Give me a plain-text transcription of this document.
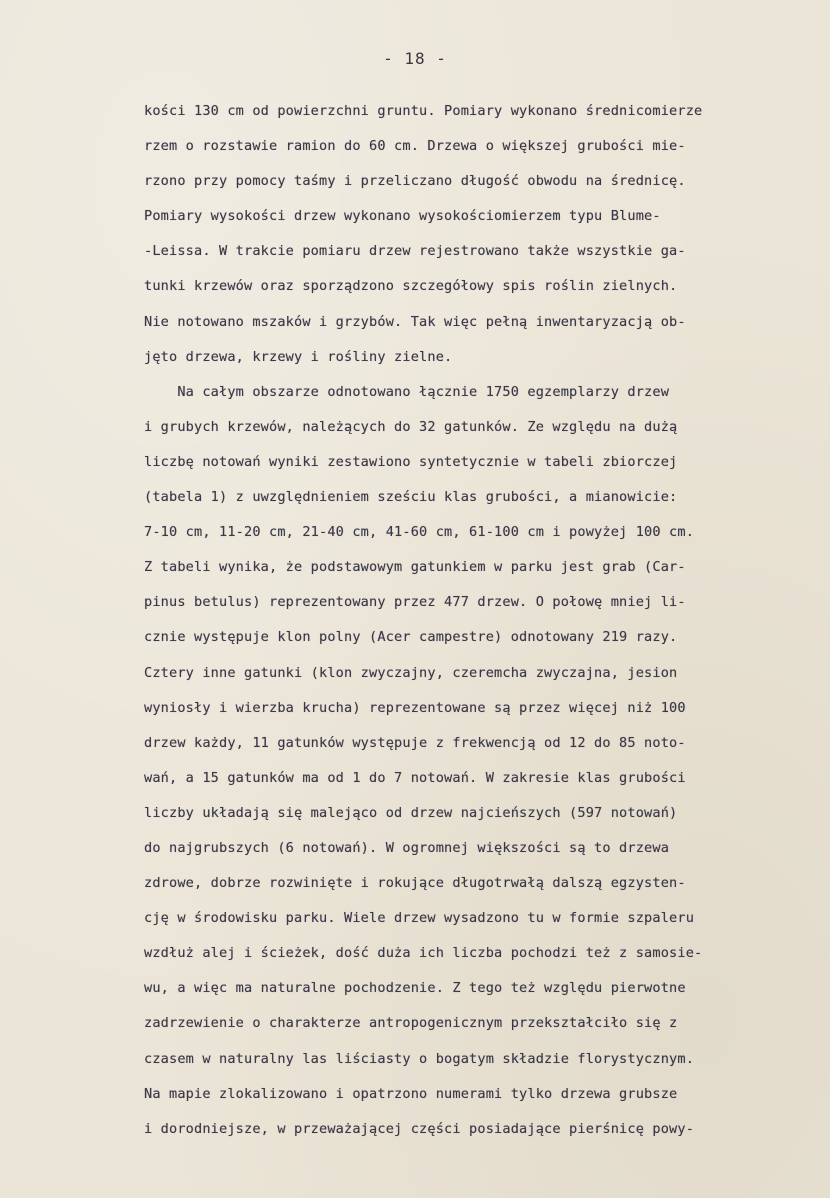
- 18 -
kości 130 cm od powierzchni gruntu. Pomiary wykonano średnicomierze
rzem o rozstawie ramion do 60 cm. Drzewa o większej grubości mie-
rzono przy pomocy taśmy i przeliczano długość obwodu na średnicę.
Pomiary wysokości drzew wykonano wysokościomierzem typu Blume-
-Leissa. W trakcie pomiaru drzew rejestrowano także wszystkie ga-
tunki krzewów oraz sporządzono szczegółowy spis roślin zielnych.
Nie notowano mszaków i grzybów. Tak więc pełną inwentaryzacją ob-
jęto drzewa, krzewy i rośliny zielne.
Na całym obszarze odnotowano łącznie 1750 egzemplarzy drzew
i grubych krzewów, należących do 32 gatunków. Ze względu na dużą
liczbę notowań wyniki zestawiono syntetycznie w tabeli zbiorczej
(tabela 1) z uwzględnieniem sześciu klas grubości, a mianowicie:
7-10 cm, 11-20 cm, 21-40 cm, 41-60 cm, 61-100 cm i powyżej 100 cm.
Z tabeli wynika, że podstawowym gatunkiem w parku jest grab (Car-
pinus betulus) reprezentowany przez 477 drzew. O połowę mniej li-
cznie występuje klon polny (Acer campestre) odnotowany 219 razy.
Cztery inne gatunki (klon zwyczajny, czeremcha zwyczajna, jesion
wyniosły i wierzba krucha) reprezentowane są przez więcej niż 100
drzew każdy, 11 gatunków występuje z frekwencją od 12 do 85 noto-
wań, a 15 gatunków ma od 1 do 7 notowań. W zakresie klas grubości
liczby układają się malejąco od drzew najcieńszych (597 notowań)
do najgrubszych (6 notowań). W ogromnej większości są to drzewa
zdrowe, dobrze rozwinięte i rokujące długotrwałą dalszą egzysten-
cję w środowisku parku. Wiele drzew wysadzono tu w formie szpaleru
wzdłuż alej i ścieżek, dość duża ich liczba pochodzi też z samosie-
wu, a więc ma naturalne pochodzenie. Z tego też względu pierwotne
zadrzewienie o charakterze antropogenicznym przekształciło się z
czasem w naturalny las liściasty o bogatym składzie florystycznym.
Na mapie zlokalizowano i opatrzono numerami tylko drzewa grubsze
i dorodniejsze, w przeważającej części posiadające pierśnicę powy-
